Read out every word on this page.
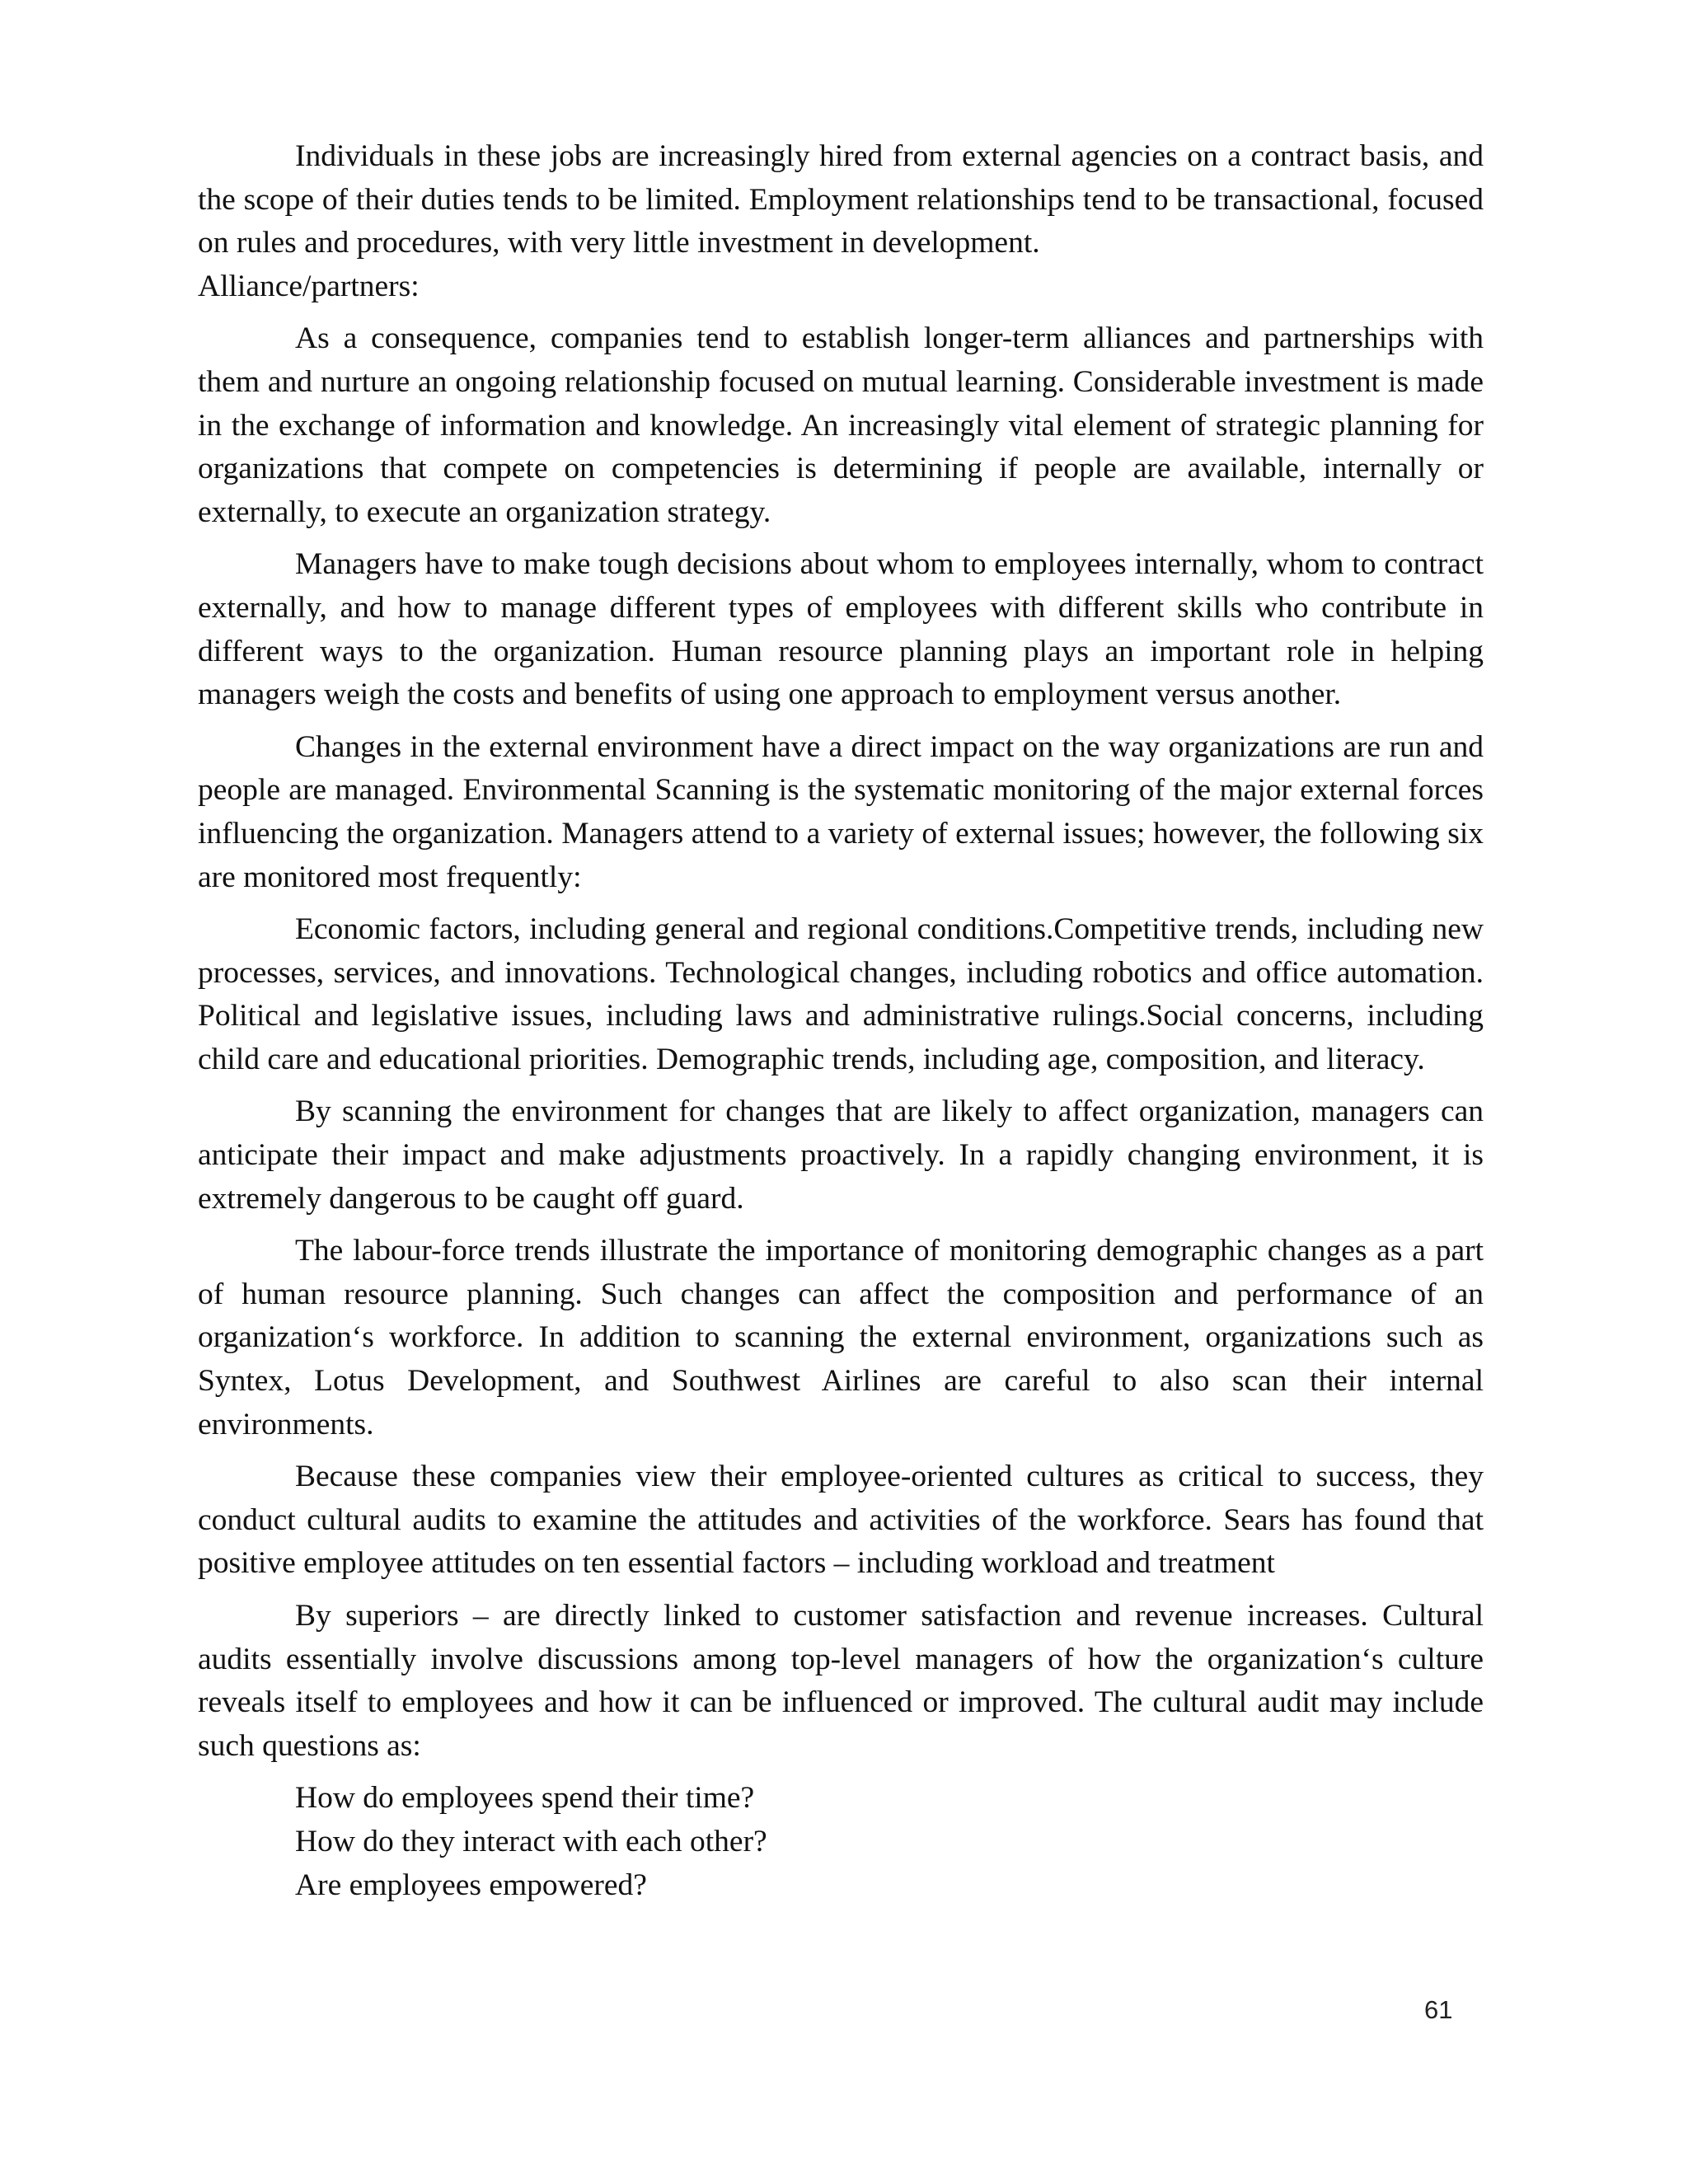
Individuals in these jobs are increasingly hired from external agencies on a contract basis, and the scope of their duties tends to be limited. Employment relationships tend to be transactional, focused on rules and procedures, with very little investment in development.
Alliance/partners:

As a consequence, companies tend to establish longer-term alliances and partnerships with them and nurture an ongoing relationship focused on mutual learning. Considerable investment is made in the exchange of information and knowledge. An increasingly vital element of strategic planning for organizations that compete on competencies is determining if people are available, internally or externally, to execute an organization strategy.

Managers have to make tough decisions about whom to employees internally, whom to contract externally, and how to manage different types of employees with different skills who contribute in different ways to the organization. Human resource planning plays an important role in helping managers weigh the costs and benefits of using one approach to employment versus another.

Changes in the external environment have a direct impact on the way organizations are run and people are managed. Environmental Scanning is the systematic monitoring of the major external forces influencing the organization. Managers attend to a variety of external issues; however, the following six are monitored most frequently:

Economic factors, including general and regional conditions.Competitive trends, including new processes, services, and innovations. Technological changes, including robotics and office automation. Political and legislative issues, including laws and administrative rulings.Social concerns, including child care and educational priorities. Demographic trends, including age, composition, and literacy.

By scanning the environment for changes that are likely to affect organization, managers can anticipate their impact and make adjustments proactively. In a rapidly changing environment, it is extremely dangerous to be caught off guard.

The labour-force trends illustrate the importance of monitoring demographic changes as a part of human resource planning. Such changes can affect the composition and performance of an organization‘s workforce. In addition to scanning the external environment, organizations such as Syntex, Lotus Development, and Southwest Airlines are careful to also scan their internal environments.

Because these companies view their employee-oriented cultures as critical to success, they conduct cultural audits to examine the attitudes and activities of the workforce. Sears has found that positive employee attitudes on ten essential factors – including workload and treatment

By superiors – are directly linked to customer satisfaction and revenue increases. Cultural audits essentially involve discussions among top-level managers of how the organization‘s culture reveals itself to employees and how it can be influenced or improved. The cultural audit may include such questions as:

How do employees spend their time?

How do they interact with each other?

Are employees empowered?

61
